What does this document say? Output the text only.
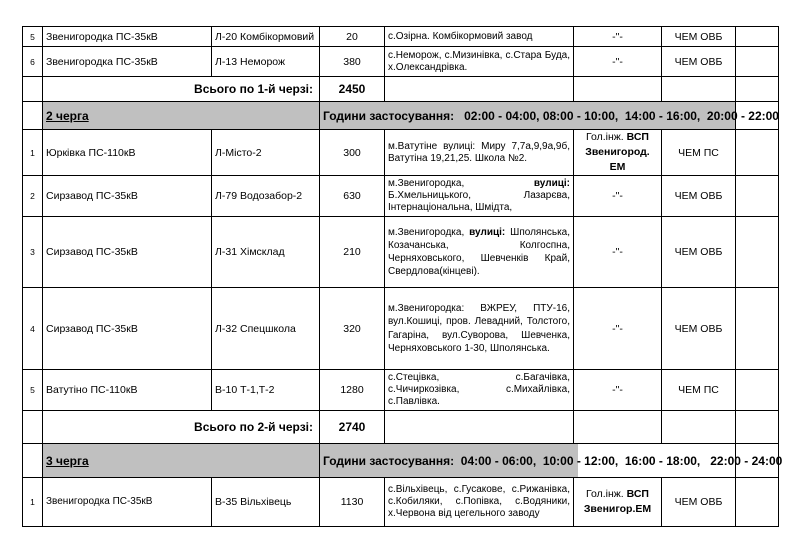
5	Звенигородка ПС-35кВ	Л-20 Комбікормовий	20	с.Озірна. Комбікормовий завод	-"-	ЧЕМ ОВБ	
6	Звенигородка ПС-35кВ	Л-13 Неморож	380	с.Неморож, с.Мизинівка, с.Стара Буда, х.Олександрівка.	-"-	ЧЕМ ОВБ	
	Всього по 1-й черзі:	2450				
	2 черга	Години застосування:   02:00 - 04:00, 08:00 - 10:00,  14:00 - 16:00,  20:00 - 22:00	
1	Юрківка ПС-110кВ	Л-Місто-2	300	м.Ватутіне вулиці: Миру 7,7а,9,9а,9б, Ватутіна 19,21,25. Школа №2.	Гол.інж. ВСП
Звенигород. ЕМ	ЧЕМ ПС	
2	Сирзавод ПС-35кВ	Л-79 Водозабор-2	630	м.Звенигородка,	вулиці: Б.Хмельницького, Лазарєва, Інтернаціональна, Шмідта,	-"-	ЧЕМ ОВБ	
3	Сирзавод ПС-35кВ	Л-31 Хімсклад	210	м.Звенигородка, вулиці: Шполянська, Козачанська, Колгоспна, Черняховського, Шевченків Край, Свердлова(кінцеві).	-"-	ЧЕМ ОВБ	
4	Сирзавод ПС-35кВ	Л-32 Спецшкола	320	м.Звенигородка: ВЖРЕУ, ПТУ-16, вул.Кошиці, пров. Левадний, Толстого, Гагаріна, вул.Суворова, Шевченка, Черняховського 1-30, Шполянська.	-"-	ЧЕМ ОВБ	
5	Ватутіно ПС-110кВ	В-10 Т-1,Т-2	1280	с.Стецівка, с.Багачівка, с.Чичиркозівка, с.Михайлівка, с.Павлівка.	-"-	ЧЕМ ПС	
	Всього по 2-й черзі:	2740				
	3 черга	Години застосування:  04:00 - 06:00,  10:00 - 12:00,  16:00 - 18:00,   22:00 - 24:00	
1	Звенигородка ПС-35кВ	В-35 Вільхівець	1130	с.Вільхівець, с.Гусакове, с.Рижанівка, с.Кобиляки, с.Попівка, с.Водяники, х.Червона від цегельного заводу	Гол.інж. ВСП
Звенигор.ЕМ	ЧЕМ ОВБ	
